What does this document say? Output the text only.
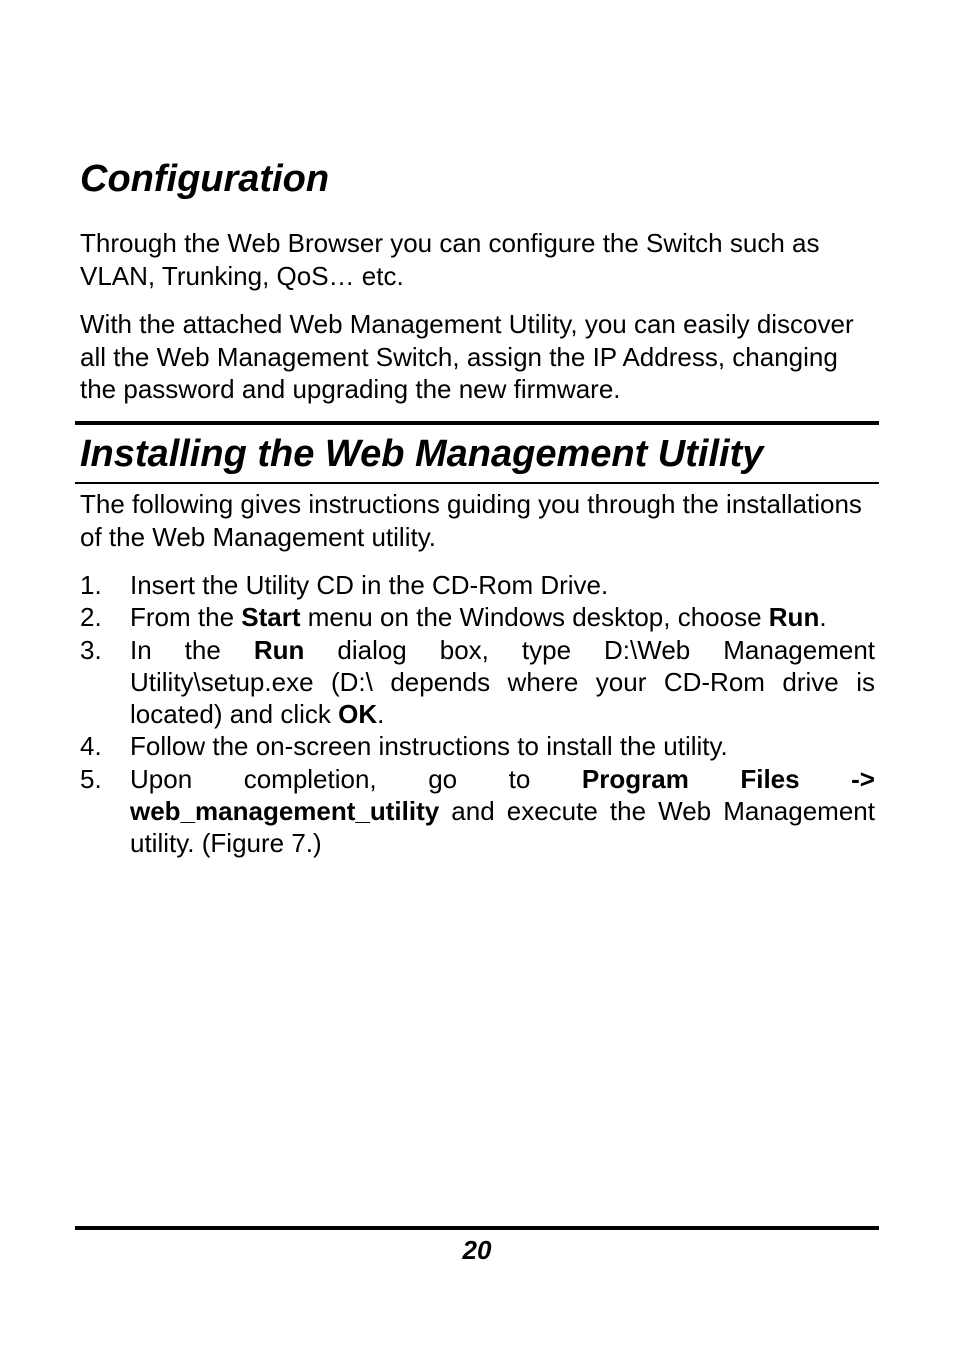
Configuration

Through the Web Browser you can configure the Switch such as VLAN, Trunking, QoS… etc.

With the attached Web Management Utility, you can easily discover all the Web Management Switch, assign the IP Address, changing the password and upgrading the new firmware.

Installing the Web Management Utility

The following gives instructions guiding you through the installations of the Web Management utility.

1. Insert the Utility CD in the CD-Rom Drive.
2. From the Start menu on the Windows desktop, choose Run.
3. In the Run dialog box, type D:\Web Management Utility\setup.exe (D:\ depends where your CD-Rom drive is located) and click OK.
4. Follow the on-screen instructions to install the utility.
5. Upon completion, go to Program Files -> web_management_utility and execute the Web Management utility. (Figure 7.)
20
